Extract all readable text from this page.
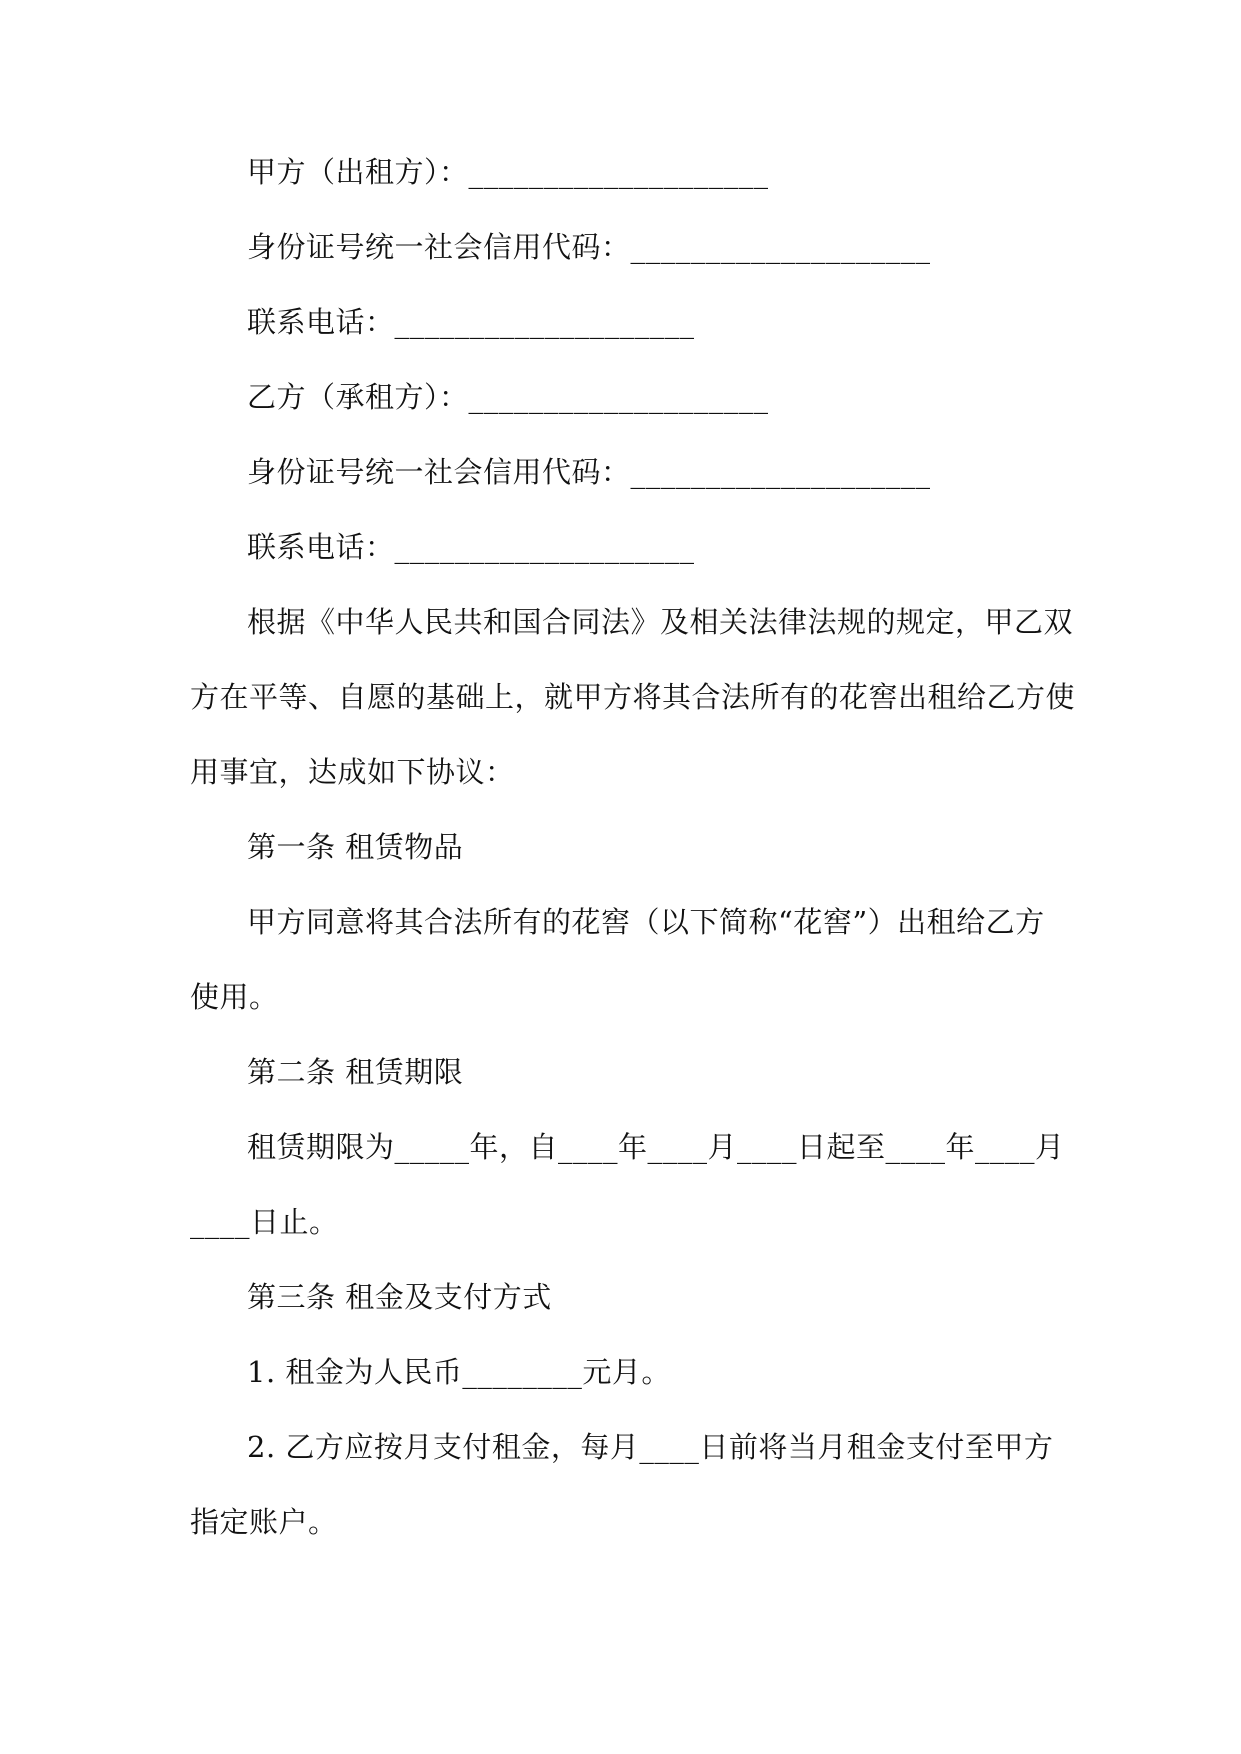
甲方（出租方）：____________________
身份证号统一社会信用代码：____________________
联系电话：____________________
乙方（承租方）：____________________
身份证号统一社会信用代码：____________________
联系电话：____________________
根据《中华人民共和国合同法》及相关法律法规的规定，甲乙双
方在平等、自愿的基础上，就甲方将其合法所有的花窖出租给乙方使
用事宜，达成如下协议：
第一条 租赁物品
甲方同意将其合法所有的花窖（以下简称“花窖”）出租给乙方
使用。
第二条 租赁期限
租赁期限为_____年，自____年____月____日起至____年____月
____日止。
第三条 租金及支付方式
1. 租金为人民币________元月。
2. 乙方应按月支付租金，每月____日前将当月租金支付至甲方
指定账户。
